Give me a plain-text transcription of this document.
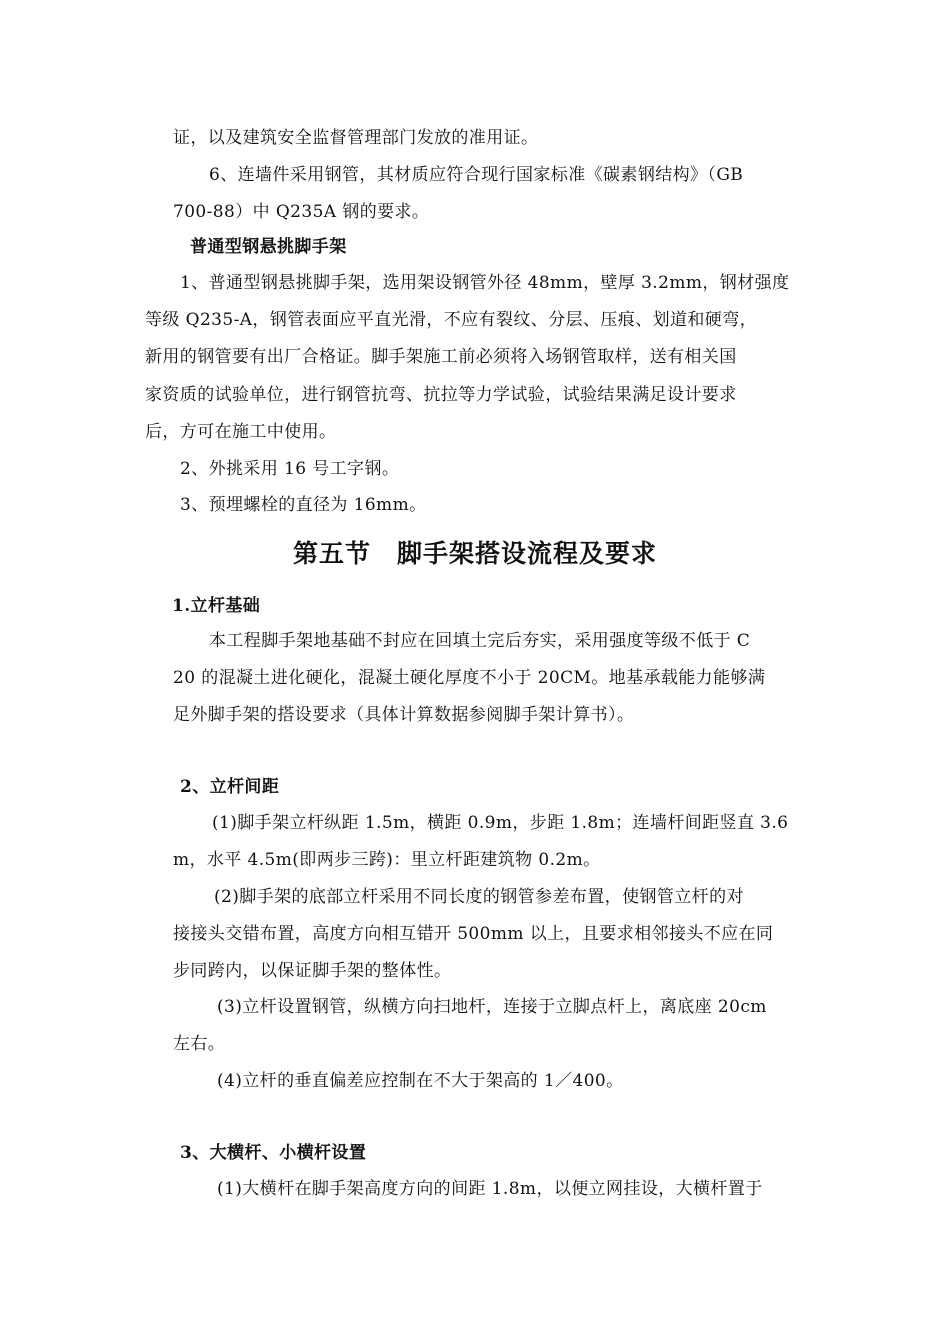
证，以及建筑安全监督管理部门发放的准用证。
6、连墙件采用钢管，其材质应符合现行国家标准《碳素钢结构》（GB
700-88）中 Q235A 钢的要求。
普通型钢悬挑脚手架
1、普通型钢悬挑脚手架，选用架设钢管外径 48mm，壁厚 3.2mm，钢材强度
等级 Q235-A，钢管表面应平直光滑，不应有裂纹、分层、压痕、划道和硬弯，
新用的钢管要有出厂合格证。脚手架施工前必须将入场钢管取样，送有相关国
家资质的试验单位，进行钢管抗弯、抗拉等力学试验，试验结果满足设计要求
后，方可在施工中使用。
2、外挑采用 16 号工字钢。
3、预埋螺栓的直径为 16mm。
第五节　脚手架搭设流程及要求
1.立杆基础
本工程脚手架地基础不封应在回填土完后夯实，采用强度等级不低于 C
20 的混凝土进化硬化，混凝土硬化厚度不小于 20CM。地基承载能力能够满
足外脚手架的搭设要求（具体计算数据参阅脚手架计算书）。
2、立杆间距
(1)脚手架立杆纵距 1.5m，横距 0.9m，步距 1.8m；连墙杆间距竖直 3.6
m，水平 4.5m(即两步三跨)：里立杆距建筑物 0.2m。
(2)脚手架的底部立杆采用不同长度的钢管参差布置，使钢管立杆的对
接接头交错布置，高度方向相互错开 500mm 以上，且要求相邻接头不应在同
步同跨内，以保证脚手架的整体性。
(3)立杆设置钢管，纵横方向扫地杆，连接于立脚点杆上，离底座 20cm
左右。
(4)立杆的垂直偏差应控制在不大于架高的 1／400。
3、大横杆、小横杆设置
(1)大横杆在脚手架高度方向的间距 1.8m，以便立网挂设，大横杆置于
